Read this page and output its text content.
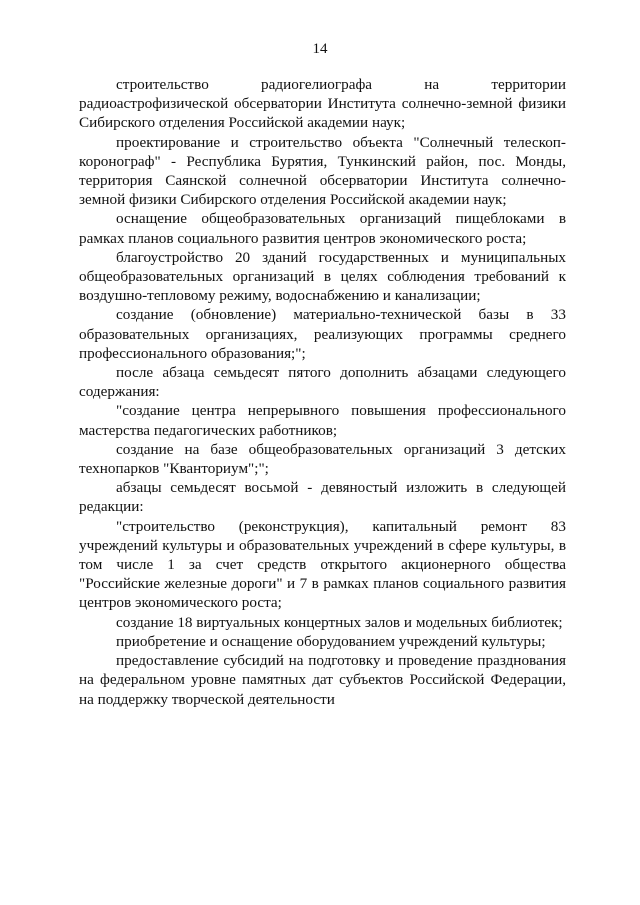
14

строительство радиогелиографа на территории радиоастрофизической обсерватории Института солнечно-земной физики Сибирского отделения Российской академии наук;

проектирование и строительство объекта "Солнечный телескоп-коронограф" - Республика Бурятия, Тункинский район, пос. Монды, территория Саянской солнечной обсерватории Института солнечно-земной физики Сибирского отделения Российской академии наук;

оснащение общеобразовательных организаций пищеблоками в рамках планов социального развития центров экономического роста;

благоустройство 20 зданий государственных и муниципальных общеобразовательных организаций в целях соблюдения требований к воздушно-тепловому режиму, водоснабжению и канализации;

создание (обновление) материально-технической базы в 33 образовательных организациях, реализующих программы среднего профессионального образования;";

после абзаца семьдесят пятого дополнить абзацами следующего содержания:

"создание центра непрерывного повышения профессионального мастерства педагогических работников;

создание на базе общеобразовательных организаций 3 детских технопарков "Кванториум";";

абзацы семьдесят восьмой - девяностый изложить в следующей редакции:

"строительство (реконструкция), капитальный ремонт 83 учреждений культуры и образовательных учреждений в сфере культуры, в том числе 1 за счет средств открытого акционерного общества "Российские железные дороги" и 7 в рамках планов социального развития центров экономического роста;

создание 18 виртуальных концертных залов и модельных библиотек;

приобретение и оснащение оборудованием учреждений культуры;

предоставление субсидий на подготовку и проведение празднования на федеральном уровне памятных дат субъектов Российской Федерации, на поддержку творческой деятельности
